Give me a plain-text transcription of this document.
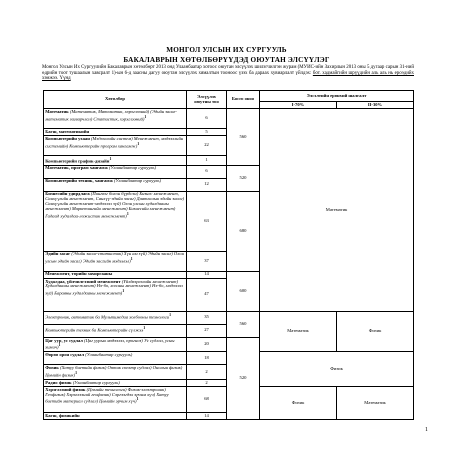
МОНГОЛ УЛСЫН ИХ СУРГУУЛЬ
БАКАЛАВРЫН ХӨТӨЛБӨРҮҮДЭД ОЮУТАН ЭЛСҮҮЛЭГ
Монгол Улсын Их Сургуулийн Бакалаврын хөтөлбөрт 2013 онд Улаанбаатар хотоос оюутан элсүүлэх шилэгчилгэн журам (МУИС-ийн Захирлын 2013 оны 5 дугаар сарын 31-ний өдрийн тоот тушаалын хавсралт 1)-ын 6-д заасны дагуу оюутан элсүүлэх хямалтын тооноос үзэх ба дараах хувиарлалт үйлдэх: бот. хадмайгийн шрүүдийн аль аль нь ерсөдийх хэмжээ. Үүнд
Хөтөлбөр	Элсүүлэх оюутны тоо	Босго оноо	Элсэлтийн ерөнхий шалгалт	
			I-70%	II-30%
Математик (Математик, Математик, хэрэглээний) (Эдийн засаг-математик загварчлал) Статистик, хэрэглээний)$^1$	6	560	Математик	
Багш, математикийн	5			
Компьютерийн ухаан (Мэдээллийн систем) Менежмент, мэдээллийн системийн) Компьютерийн програм хангамж)$^1$	22			
Компьютерийн график-дизайн$^1$	1			
Математик, програм хангамж (Улаанбаатар сургууль)	6	520		
Компьютерийн техник, хангамж (Улаанбаатар сургууль)	12			
Бизнесийн удирдлага (Пингвэг болон бүрдсэн) Бизнес менежмент, Санхүүгийн менежмент, Санхүү-эдийн засаг) Даатгалын эдийн засаг) Санхүүгийн менежмент-мэдээлэл зүй) Олон улсын худалдааны менежмент) Маркетингийн менежмент) Бизнесийн менежмент) Гадаад худалдаа-ложистик менежмент)$^1$	63	680		
Эдийн засаг (Эдийн засаг-статистик) Хүн ам зүй) Эдийн засаг) Олон улсын эдийн засаг) Эдийн засгийн мэдээлэл)$^1$	37			
Менежмент, төрийн захиргааны	14	600		
Худалдаа, үйлчилгээний менежмент (Үйлдвэрлэлийн менежмент) Худалдааны менежмент) Нэ-бо, хоолны менежмент) Нэ-бо, мэдээлэл зүй) Бараяны худалдааны менежмент)$^1$	47			
Электроник, автоматик ба Мультимедиа холбооны технологи$^1$	35	560	Математик	Физик
Компьютерийн техник ба Компьютерийн сүлжээ$^1$	27			
Цаг уур, ус судлал (Цаг уурын мэдээлэл, прогноз) Ус судлал, усны химич)$^1$	20	520		
Өөрөө орон судлал (Улаанбаатар сургууль)	18		Физик	
Физик (Хатуу биетийн физик) Оптик спектр судлал) Онолын физик) Цөмийн физик)$^1$	2			
Радио физик (Улаанбаатар сургууль)	2			
Хэрэглээний физик (Цөмийн технологи) Физик-электроник) Геофизик) Хэрэглээний геофизик) Сэргээгдэх эрчим хүч) Хатуу биетийн материал судлал) Цөмийн эрчим хүч)$^1$	68		Физик	Математик
Багш, физикийн	14			
1
